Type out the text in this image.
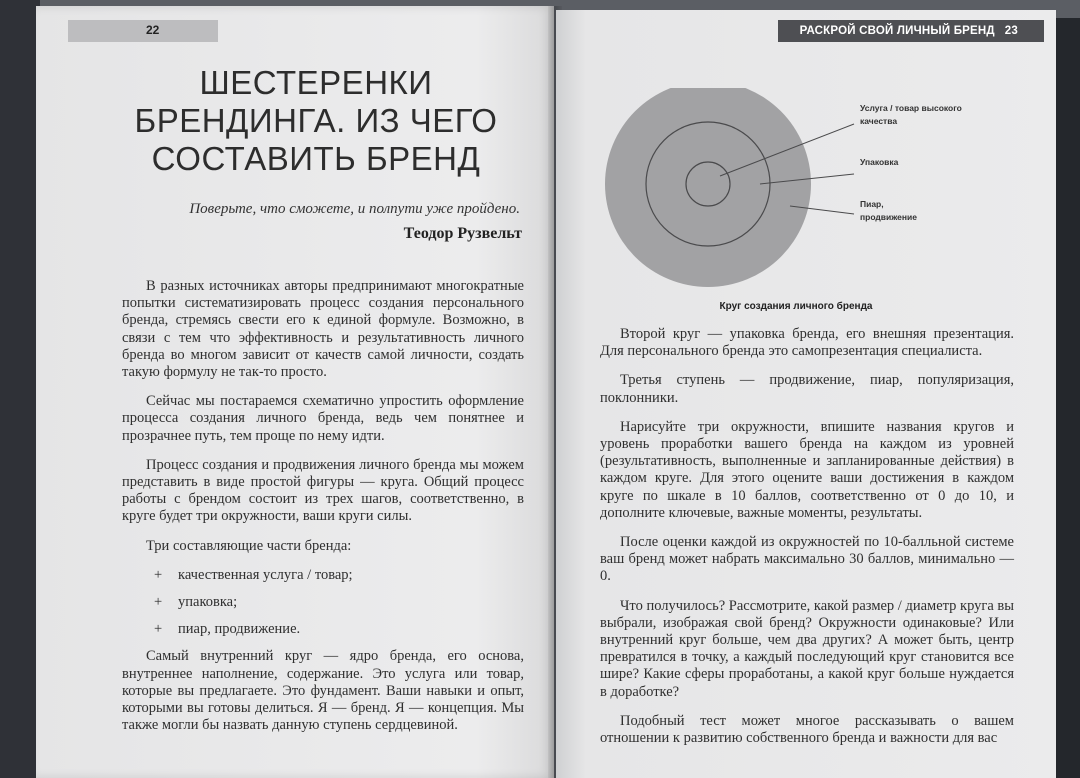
22
ШЕСТЕРЕНКИ БРЕНДИНГА. ИЗ ЧЕГО СОСТАВИТЬ БРЕНД
Поверьте, что сможете, и полпути уже пройдено.
Теодор Рузвельт

В разных источниках авторы предпринимают многократные попытки систематизировать процесс создания персонального бренда, стремясь свести его к единой формуле. Возможно, в связи с тем что эффективность и результативность личного бренда во многом зависит от качеств самой личности, создать такую формулу не так-то просто.

Сейчас мы постараемся схематично упростить оформление процесса создания личного бренда, ведь чем понятнее и прозрачнее путь, тем проще по нему идти.

Процесс создания и продвижения личного бренда мы можем представить в виде простой фигуры — круга. Общий процесс работы с брендом состоит из трех шагов, соответственно, в круге будет три окружности, ваши круги силы.

Три составляющие части бренда:

+ качественная услуга / товар;
+ упаковка;
+ пиар, продвижение.

Самый внутренний круг — ядро бренда, его основа, внутреннее наполнение, содержание. Это услуга или товар, которые вы предлагаете. Это фундамент. Ваши навыки и опыт, которыми вы готовы делиться. Я — бренд. Я — концепция. Мы также могли бы назвать данную ступень сердцевиной.

РАСКРОЙ СВОЙ ЛИЧНЫЙ БРЕНД 23
Услуга / товар высокого качества
Упаковка
Пиар, продвижение
Круг создания личного бренда

Второй круг — упаковка бренда, его внешняя презентация. Для персонального бренда это самопрезентация специалиста.

Третья ступень — продвижение, пиар, популяризация, поклонники.

Нарисуйте три окружности, впишите названия кругов и уровень проработки вашего бренда на каждом из уровней (результативность, выполненные и запланированные действия) в каждом круге. Для этого оцените ваши достижения в каждом круге по шкале в 10 баллов, соответственно от 0 до 10, и дополните ключевые, важные моменты, результаты.

После оценки каждой из окружностей по 10-балльной системе ваш бренд может набрать максимально 30 баллов, минимально — 0.

Что получилось? Рассмотрите, какой размер / диаметр круга вы выбрали, изображая свой бренд? Окружности одинаковые? Или внутренний круг больше, чем два других? А может быть, центр превратился в точку, а каждый последующий круг становится все шире? Какие сферы проработаны, а какой круг больше нуждается в доработке?

Подобный тест может многое рассказывать о вашем отношении к развитию собственного бренда и важности для вас
